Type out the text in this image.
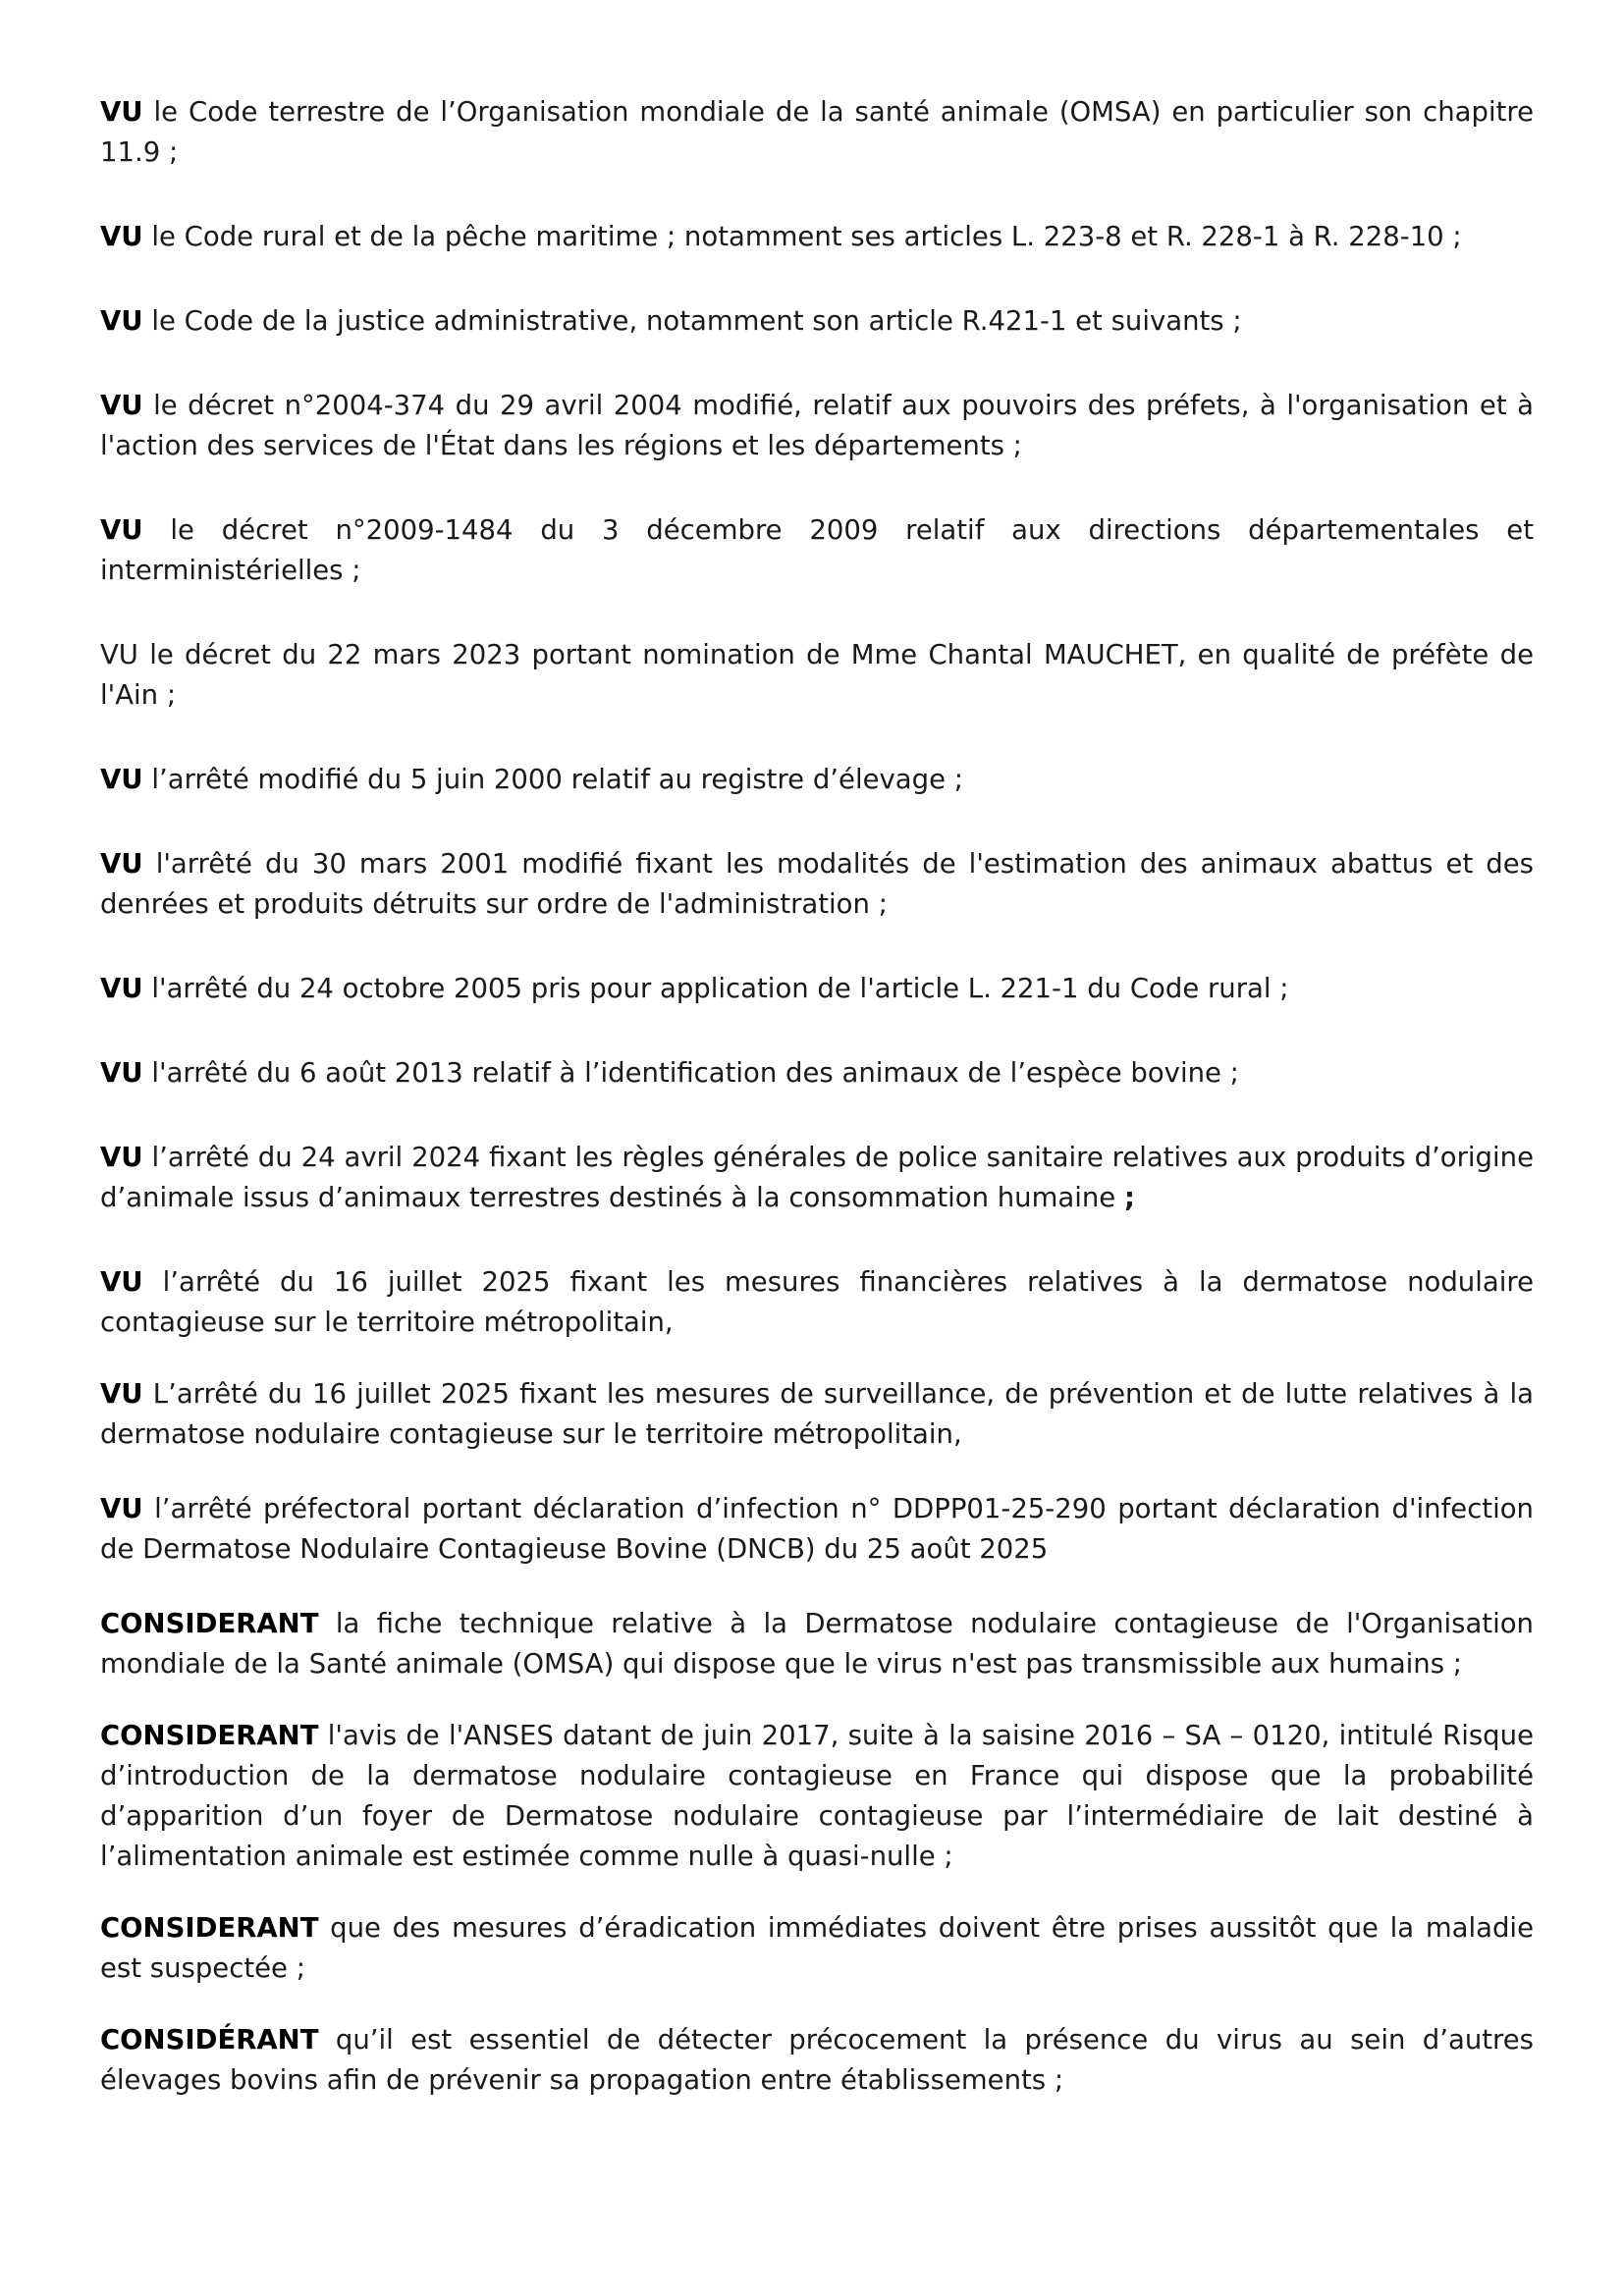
VU le Code terrestre de l’Organisation mondiale de la santé animale (OMSA) en particulier son chapitre 11.9 ;

VU le Code rural et de la pêche maritime ; notamment ses articles L. 223-8 et R. 228-1 à R. 228-10 ;

VU le Code de la justice administrative, notamment son article R.421-1 et suivants ;

VU le décret n°2004-374 du 29 avril 2004 modifié, relatif aux pouvoirs des préfets, à l'organisation et à l'action des services de l'État dans les régions et les départements ;

VU le décret n°2009-1484 du 3 décembre 2009 relatif aux directions départementales et interministérielles ;

VU le décret du 22 mars 2023 portant nomination de Mme Chantal MAUCHET, en qualité de préfète de l'Ain ;

VU l’arrêté modifié du 5 juin 2000 relatif au registre d’élevage ;

VU l'arrêté du 30 mars 2001 modifié fixant les modalités de l'estimation des animaux abattus et des denrées et produits détruits sur ordre de l'administration ;

VU l'arrêté du 24 octobre 2005 pris pour application de l'article L. 221-1 du Code rural ;

VU l'arrêté du 6 août 2013 relatif à l’identification des animaux de l’espèce bovine ;

VU l’arrêté du 24 avril 2024 fixant les règles générales de police sanitaire relatives aux produits d’origine d’animale issus d’animaux terrestres destinés à la consommation humaine ;

VU l’arrêté du 16 juillet 2025 fixant les mesures financières relatives à la dermatose nodulaire contagieuse sur le territoire métropolitain,

VU L’arrêté du 16 juillet 2025 fixant les mesures de surveillance, de prévention et de lutte relatives à la dermatose nodulaire contagieuse sur le territoire métropolitain,

VU l’arrêté préfectoral portant déclaration d’infection n° DDPP01-25-290 portant déclaration d'infection de Dermatose Nodulaire Contagieuse Bovine (DNCB) du 25 août 2025

CONSIDERANT la fiche technique relative à la Dermatose nodulaire contagieuse de l'Organisation mondiale de la Santé animale (OMSA) qui dispose que le virus n'est pas transmissible aux humains ;

CONSIDERANT l'avis de l'ANSES datant de juin 2017, suite à la saisine 2016 – SA – 0120, intitulé Risque d’introduction de la dermatose nodulaire contagieuse en France qui dispose que la probabilité d’apparition d’un foyer de Dermatose nodulaire contagieuse par l’intermédiaire de lait destiné à l’alimentation animale est estimée comme nulle à quasi-nulle ;

CONSIDERANT que des mesures d’éradication immédiates doivent être prises aussitôt que la maladie est suspectée ;

CONSIDÉRANT qu’il est essentiel de détecter précocement la présence du virus au sein d’autres élevages bovins afin de prévenir sa propagation entre établissements ;
